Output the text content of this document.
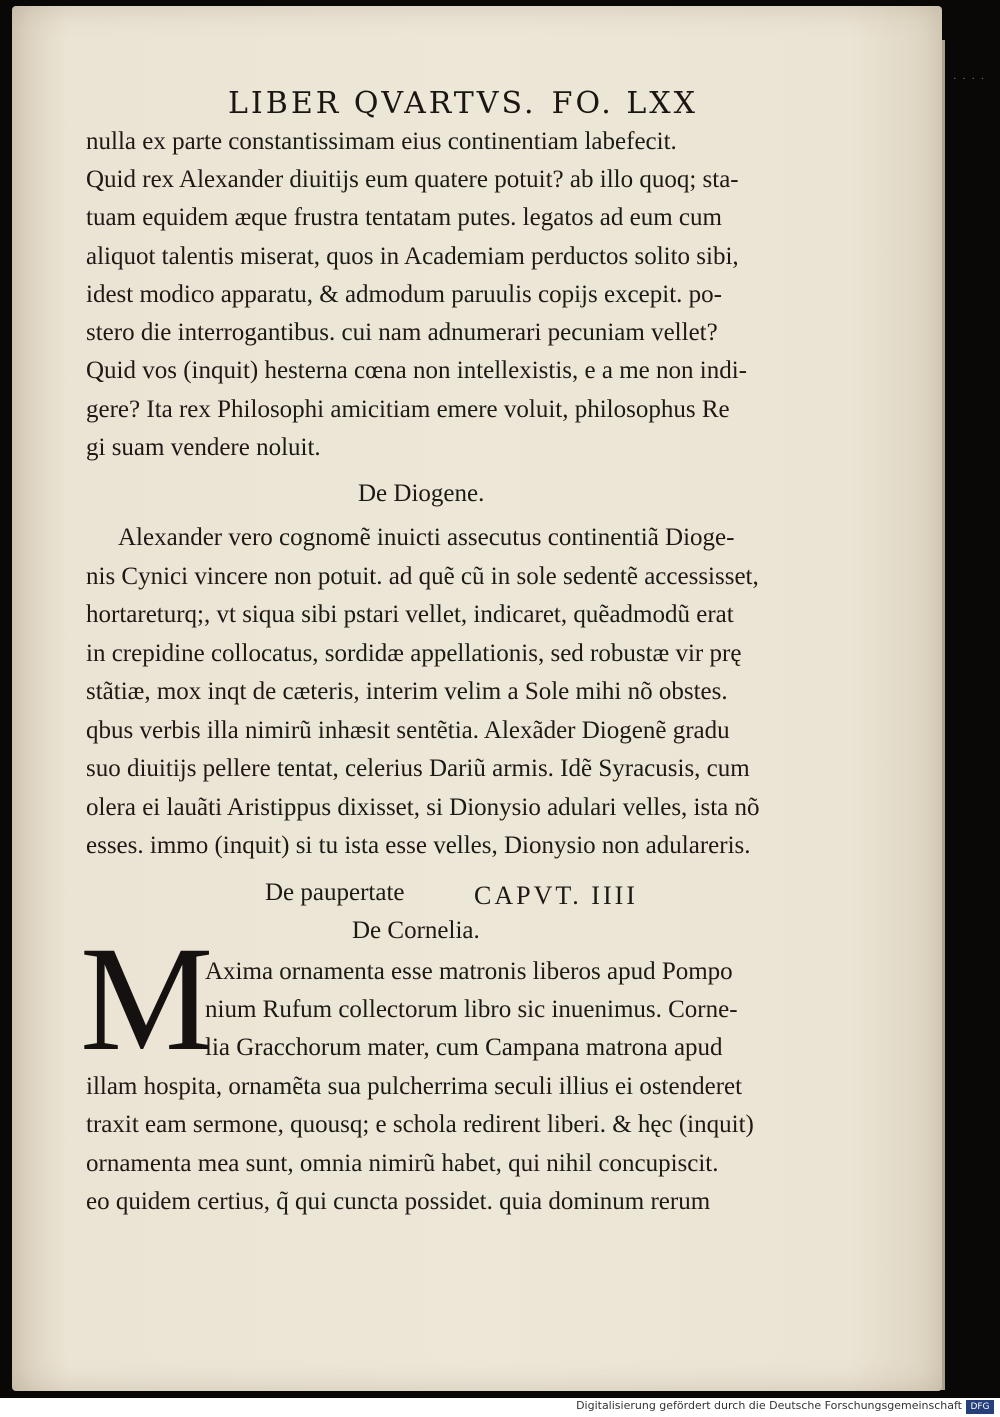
····
LIBER QVARTVS. FO. LXX
nulla ex parte constantissimam eius continentiam labefecit.
Quid rex Alexander diuitijs eum quatere potuit? ab illo quoq; sta-
tuam equidem æque frustra tentatam putes. legatos ad eum cum
aliquot talentis miserat, quos in Academiam perductos solito sibi,
idest modico apparatu, & admodum paruulis copijs excepit. po-
stero die interrogantibus. cui nam adnumerari pecuniam vellet?
Quid vos (inquit) hesterna cœna non intellexistis, e a me non indi-
gere? Ita rex Philosophi amicitiam emere voluit, philosophus Re
gi suam vendere noluit.
De Diogene.
Alexander vero cognomẽ inuicti assecutus continentiã Dioge-
nis Cynici vincere non potuit. ad quẽ cũ in sole sedentẽ accessisset,
hortareturq;, vt siqua sibi pstari vellet, indicaret, quẽadmodũ erat
in crepidine collocatus, sordidæ appellationis, sed robustæ vir prę
stãtiæ, mox inqt de cæteris, interim velim a Sole mihi nõ obstes.
qbus verbis illa nimirũ inhæsit sentẽtia. Alexãder Diogenẽ gradu
suo diuitijs pellere tentat, celerius Dariũ armis. Idẽ Syracusis, cum
olera ei lauãti Aristippus dixisset, si Dionysio adulari velles, ista nõ
esses. immo (inquit) si tu ista esse velles, Dionysio non adulareris.
De paupertate	CAPVT. IIII
De Cornelia.
M
Axima ornamenta esse matronis liberos apud Pompo
nium Rufum collectorum libro sic inuenimus. Corne-
lia Gracchorum mater, cum Campana matrona apud
illam hospita, ornamẽta sua pulcherrima seculi illius ei ostenderet
traxit eam sermone, quousq; e schola redirent liberi. & hęc (inquit)
ornamenta mea sunt, omnia nimirũ habet, qui nihil concupiscit.
eo quidem certius, q̃ qui cuncta possidet. quia dominum rerum
Digitalisierung gefördert durch die Deutsche Forschungsgemeinschaft DFG
